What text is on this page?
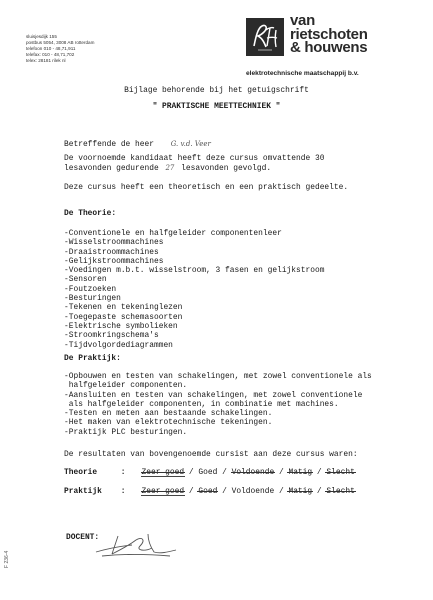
sluisjesdijk 155
postbus 5054, 3008 AB rotterdam
telefoon 010 - 48,71,911
telefax: 010 - 48,71,702
telex: 28181 rilek nl
van
rietschoten
& houwens
elektrotechnische maatschappij b.v.
Bijlage behorende bij het getuigschrift
" PRAKTISCHE MEETTECHNIEK "
Betreffende de heer G. v.d. Veer
De voornoemde kandidaat heeft deze cursus omvattende 30
lesavonden gedurende 27 lesavonden gevolgd.
Deze cursus heeft een theoretisch en een praktisch gedeelte.
De Theorie:
-Conventionele en halfgeleider componentenleer
-Wisselstroommachines
-Draaistroommachines
-Gelijkstroommachines
-Voedingen m.b.t. wisselstroom, 3 fasen en gelijkstroom
-Sensoren
-Foutzoeken
-Besturingen
-Tekenen en tekeninglezen
-Toegepaste schemasoorten
-Elektrische symbolieken
-Stroomkringschema's
-Tijdvolgordediagrammen
De Praktijk:
-Opbouwen en testen van schakelingen, met zowel conventionele als
halfgeleider componenten.
-Aansluiten en testen van schakelingen, met zowel conventionele
als halfgeleider componenten, in combinatie met machines.
-Testen en meten aan bestaande schakelingen.
-Het maken van elektrotechnische tekeningen.
-Praktijk PLC besturingen.
De resultaten van bovengenoemde cursist aan deze cursus waren:
Theorie	: Zeer goed / Goed / Voldoende / Matig / Slecht
Praktijk : Zeer goed / Goed / Voldoende / Matig / Slecht
DOCENT:
F 236-4
